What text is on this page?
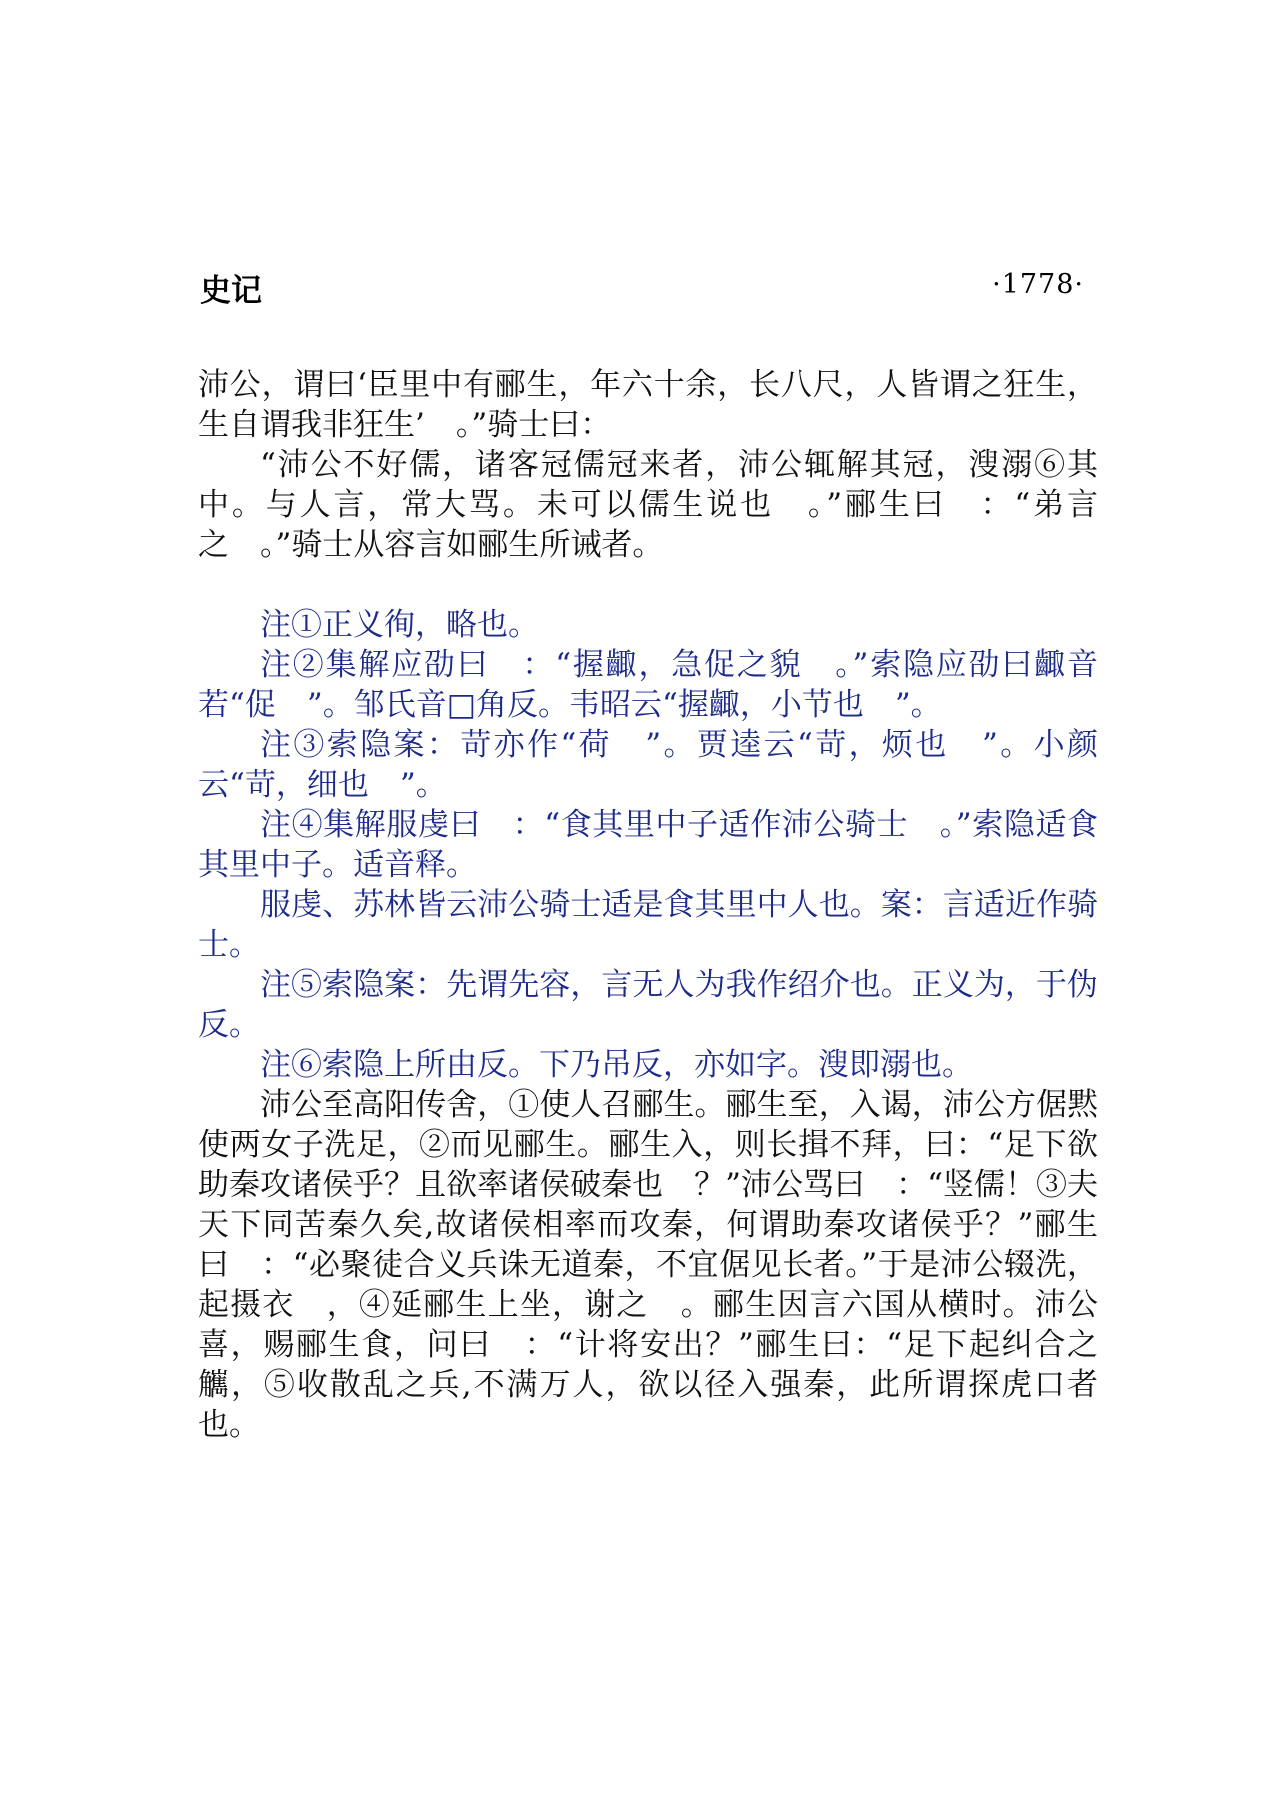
史记	·1778·

沛公，谓曰‘臣里中有郦生，年六十余，长八尺，人皆谓之狂生，生自谓我非狂生’　。”骑士曰：

“沛公不好儒，诸客冠儒冠来者，沛公辄解其冠，溲溺⑥其中。与人言，常大骂。未可以儒生说也　。”郦生曰　：“弟言之　。”骑士从容言如郦生所诫者。

注①正义徇，略也。

注②集解应劭曰　：“握齱，急促之貌　。”索隐应劭曰齱音若“促　”。邹氏音□角反。韦昭云“握齱，小节也　”。

注③索隐案：苛亦作“荷　”。贾逵云“苛，烦也　”。小颜云“苛，细也　”。

注④集解服虔曰　：“食其里中子适作沛公骑士　。”索隐适食其里中子。适音释。

服虔、苏林皆云沛公骑士适是食其里中人也。案：言适近作骑士。

注⑤索隐案：先谓先容，言无人为我作绍介也。正义为，于伪反。

注⑥索隐上所由反。下乃吊反，亦如字。溲即溺也。

沛公至高阳传舍，①使人召郦生。郦生至，入谒，沛公方倨黙使两女子洗足，②而见郦生。郦生入，则长揖不拜，曰：“足下欲助秦攻诸侯乎？且欲率诸侯破秦也　？”沛公骂曰　：“竖儒！③夫天下同苦秦久矣,故诸侯相率而攻秦，何谓助秦攻诸侯乎？”郦生曰　：“必聚徒合义兵诛无道秦，不宜倨见长者。”于是沛公辍洗，起摄衣　，④延郦生上坐，谢之　。郦生因言六国从横时。沛公喜，赐郦生食，问曰　：“计将安出？”郦生曰：“足下起纠合之觽，⑤收散乱之兵,不满万人，欲以径入强秦，此所谓探虎口者也。
